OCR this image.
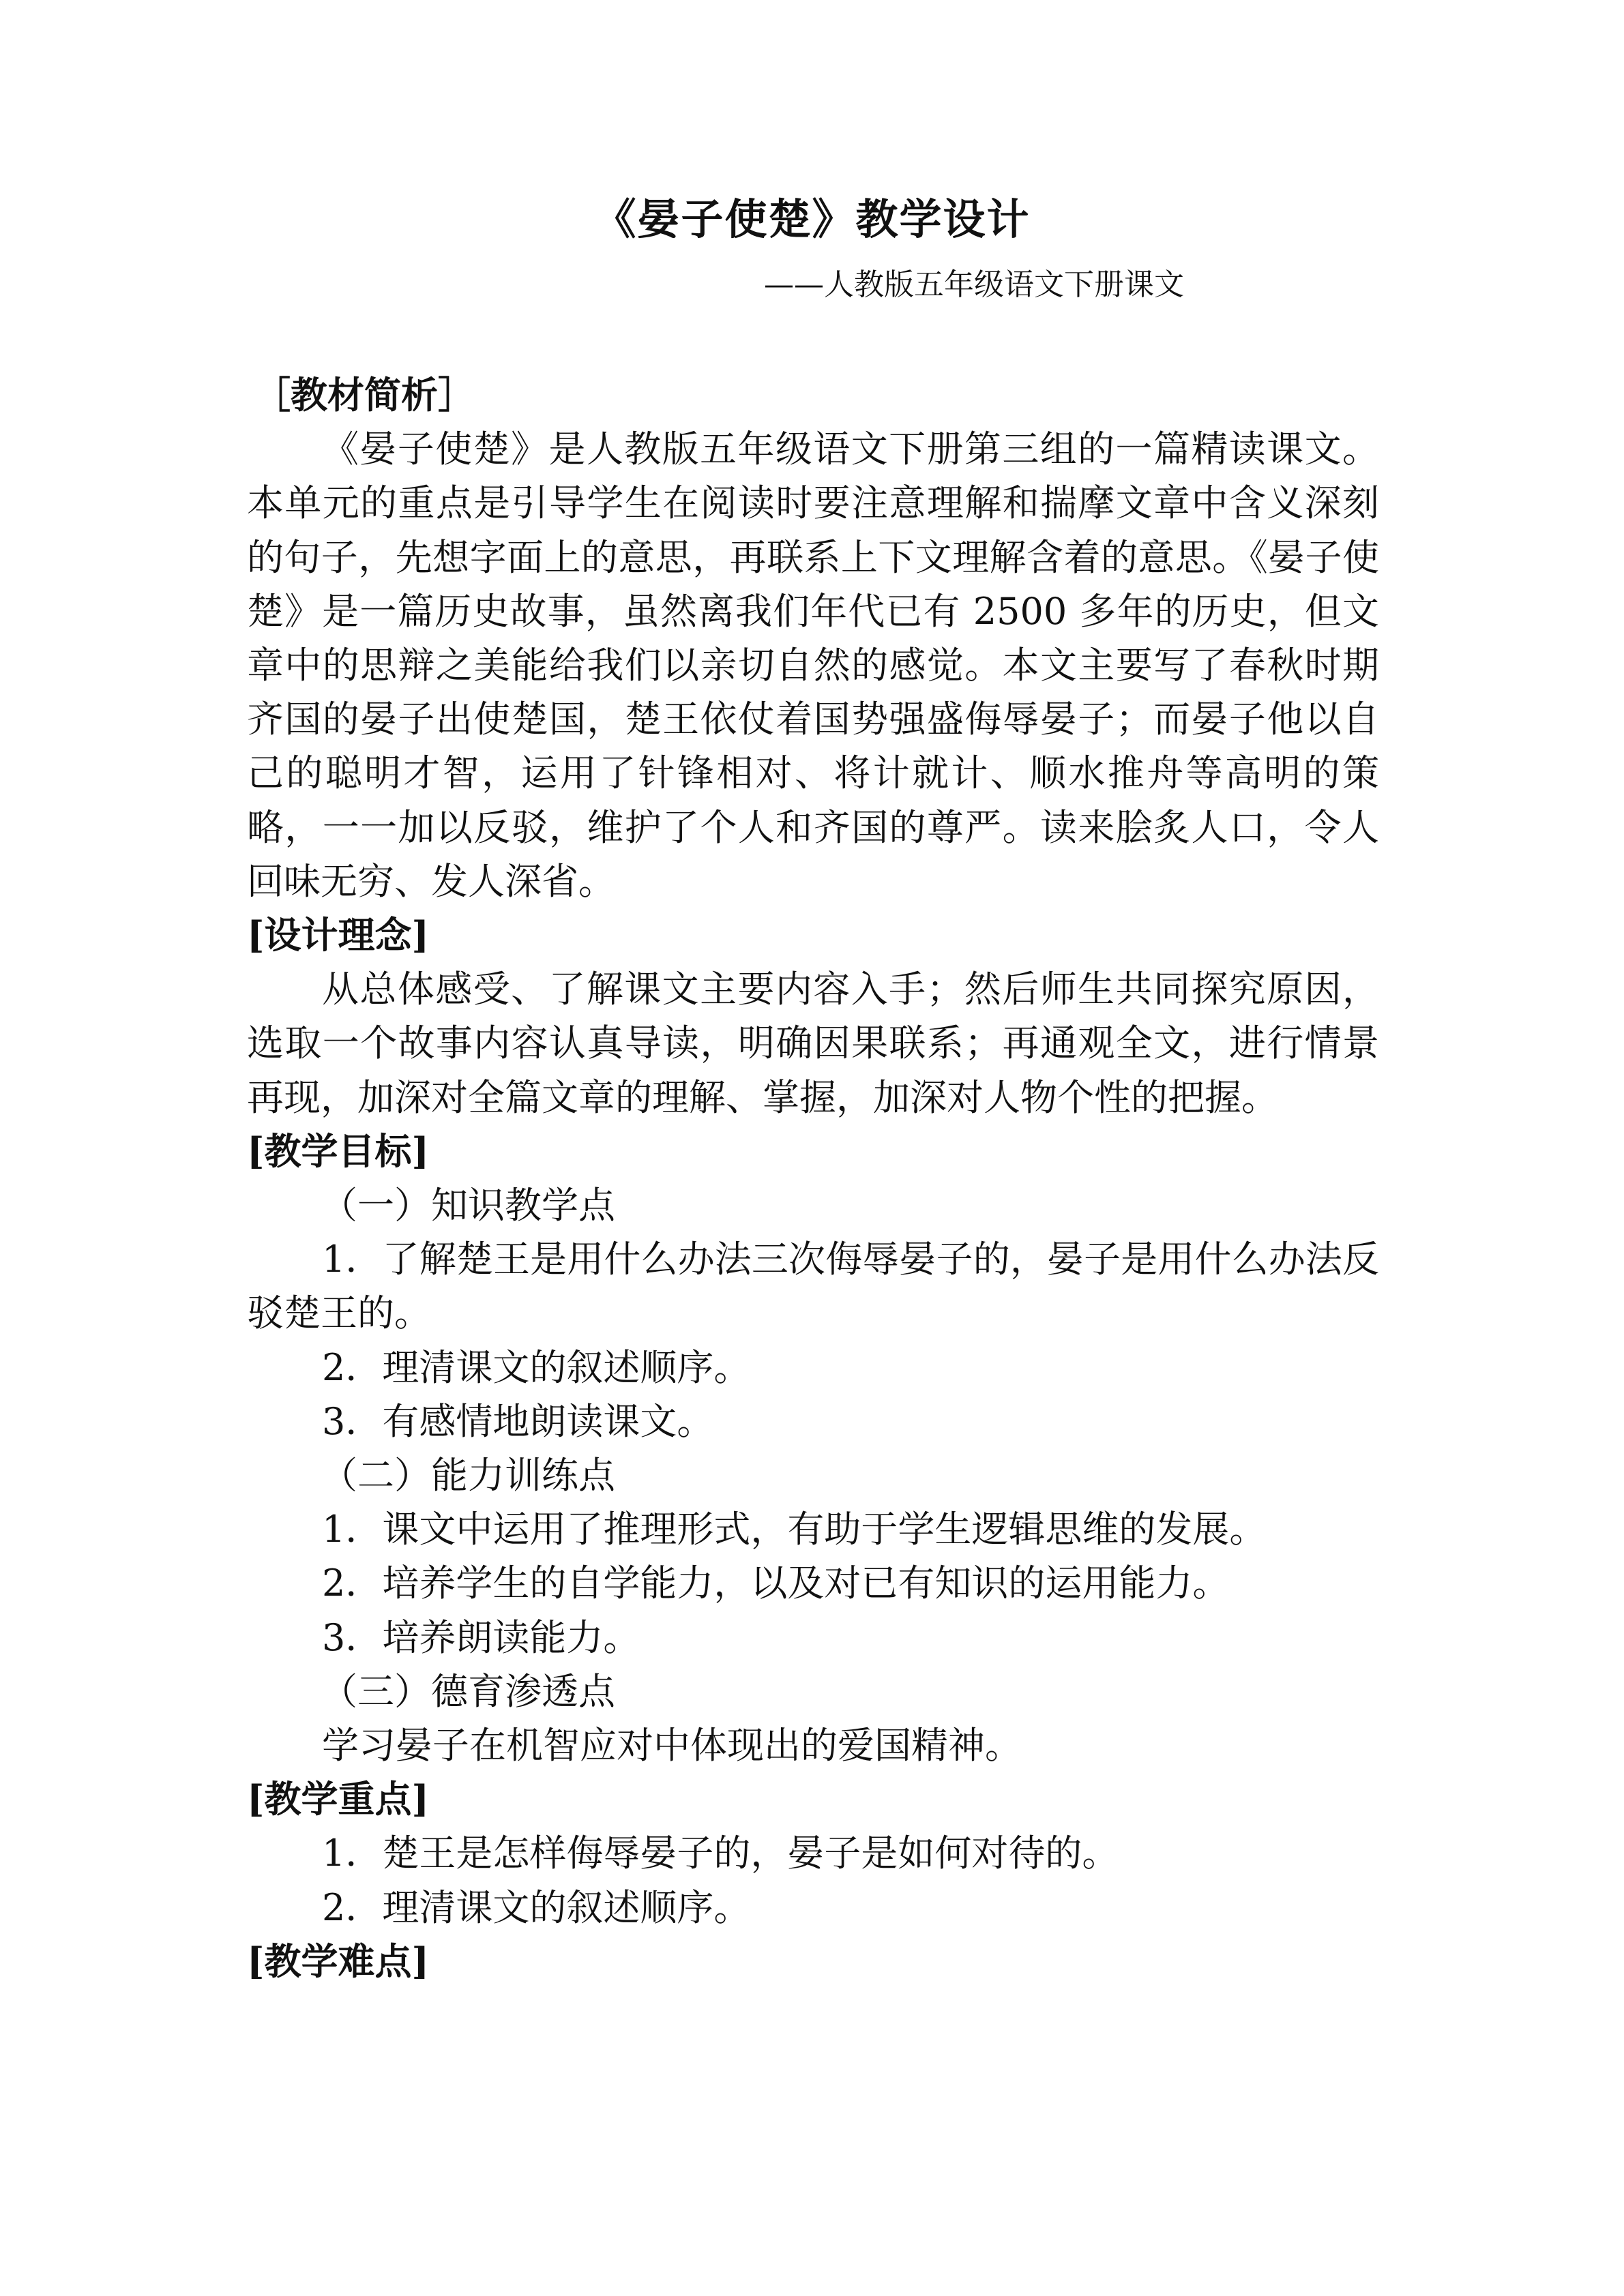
《晏子使楚》教学设计

——人教版五年级语文下册课文

［教材简析］

《晏子使楚》是人教版五年级语文下册第三组的一篇精读课文。本单元的重点是引导学生在阅读时要注意理解和揣摩文章中含义深刻的句子，先想字面上的意思，再联系上下文理解含着的意思。《晏子使楚》是一篇历史故事，虽然离我们年代已有 2500 多年的历史，但文章中的思辩之美能给我们以亲切自然的感觉。本文主要写了春秋时期齐国的晏子出使楚国，楚王依仗着国势强盛侮辱晏子；而晏子他以自己的聪明才智，运用了针锋相对、将计就计、顺水推舟等高明的策略，一一加以反驳，维护了个人和齐国的尊严。读来脍炙人口，令人回味无穷、发人深省。

[设计理念]

从总体感受、了解课文主要内容入手；然后师生共同探究原因，选取一个故事内容认真导读，明确因果联系；再通观全文，进行情景再现，加深对全篇文章的理解、掌握，加深对人物个性的把握。

[教学目标]

（一）知识教学点

1．了解楚王是用什么办法三次侮辱晏子的，晏子是用什么办法反驳楚王的。

2．理清课文的叙述顺序。

3．有感情地朗读课文。

（二）能力训练点

1．课文中运用了推理形式，有助于学生逻辑思维的发展。

2．培养学生的自学能力，以及对已有知识的运用能力。

3．培养朗读能力。

（三）德育渗透点

学习晏子在机智应对中体现出的爱国精神。

[教学重点]

1．楚王是怎样侮辱晏子的，晏子是如何对待的。

2．理清课文的叙述顺序。

[教学难点]
